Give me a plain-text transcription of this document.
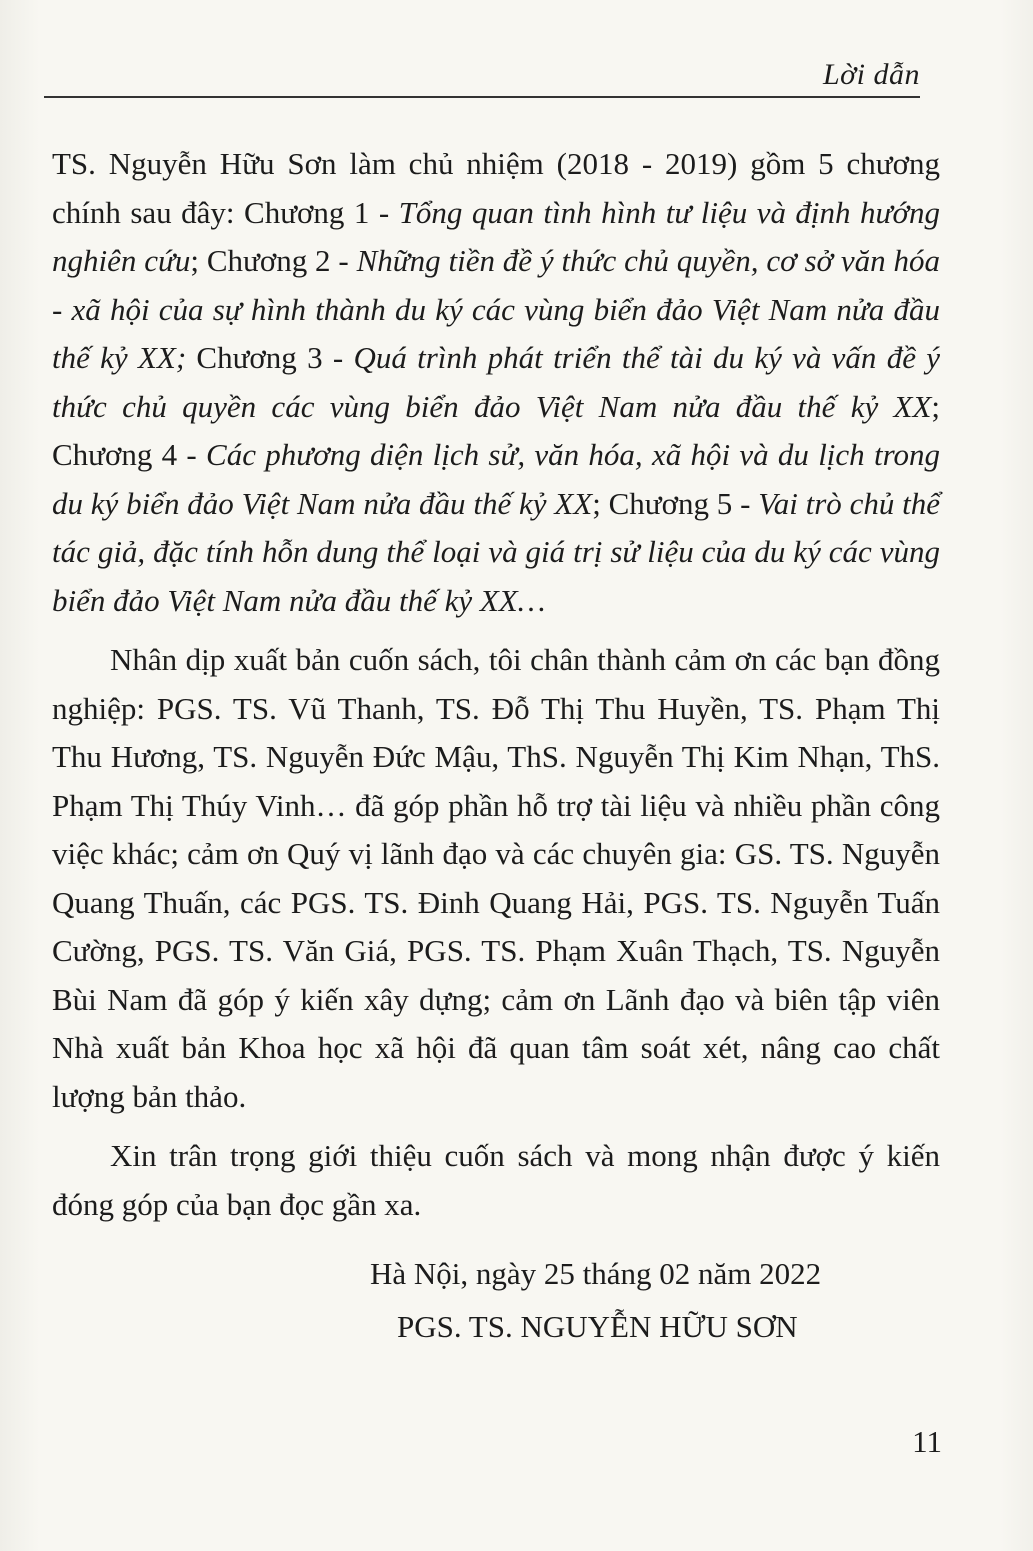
Lời dẫn

TS. Nguyễn Hữu Sơn làm chủ nhiệm (2018 - 2019) gồm 5 chương chính sau đây: Chương 1 - Tổng quan tình hình tư liệu và định hướng nghiên cứu; Chương 2 - Những tiền đề ý thức chủ quyền, cơ sở văn hóa - xã hội của sự hình thành du ký các vùng biển đảo Việt Nam nửa đầu thế kỷ XX; Chương 3 - Quá trình phát triển thể tài du ký và vấn đề ý thức chủ quyền các vùng biển đảo Việt Nam nửa đầu thế kỷ XX; Chương 4 - Các phương diện lịch sử, văn hóa, xã hội và du lịch trong du ký biển đảo Việt Nam nửa đầu thế kỷ XX; Chương 5 - Vai trò chủ thể tác giả, đặc tính hỗn dung thể loại và giá trị sử liệu của du ký các vùng biển đảo Việt Nam nửa đầu thế kỷ XX…

Nhân dịp xuất bản cuốn sách, tôi chân thành cảm ơn các bạn đồng nghiệp: PGS. TS. Vũ Thanh, TS. Đỗ Thị Thu Huyền, TS. Phạm Thị Thu Hương, TS. Nguyễn Đức Mậu, ThS. Nguyễn Thị Kim Nhạn, ThS. Phạm Thị Thúy Vinh… đã góp phần hỗ trợ tài liệu và nhiều phần công việc khác; cảm ơn Quý vị lãnh đạo và các chuyên gia: GS. TS. Nguyễn Quang Thuấn, các PGS. TS. Đinh Quang Hải, PGS. TS. Nguyễn Tuấn Cường, PGS. TS. Văn Giá, PGS. TS. Phạm Xuân Thạch, TS. Nguyễn Bùi Nam đã góp ý kiến xây dựng; cảm ơn Lãnh đạo và biên tập viên Nhà xuất bản Khoa học xã hội đã quan tâm soát xét, nâng cao chất lượng bản thảo.

Xin trân trọng giới thiệu cuốn sách và mong nhận được ý kiến đóng góp của bạn đọc gần xa.

Hà Nội, ngày 25 tháng 02 năm 2022

PGS. TS. NGUYỄN HỮU SƠN

11
